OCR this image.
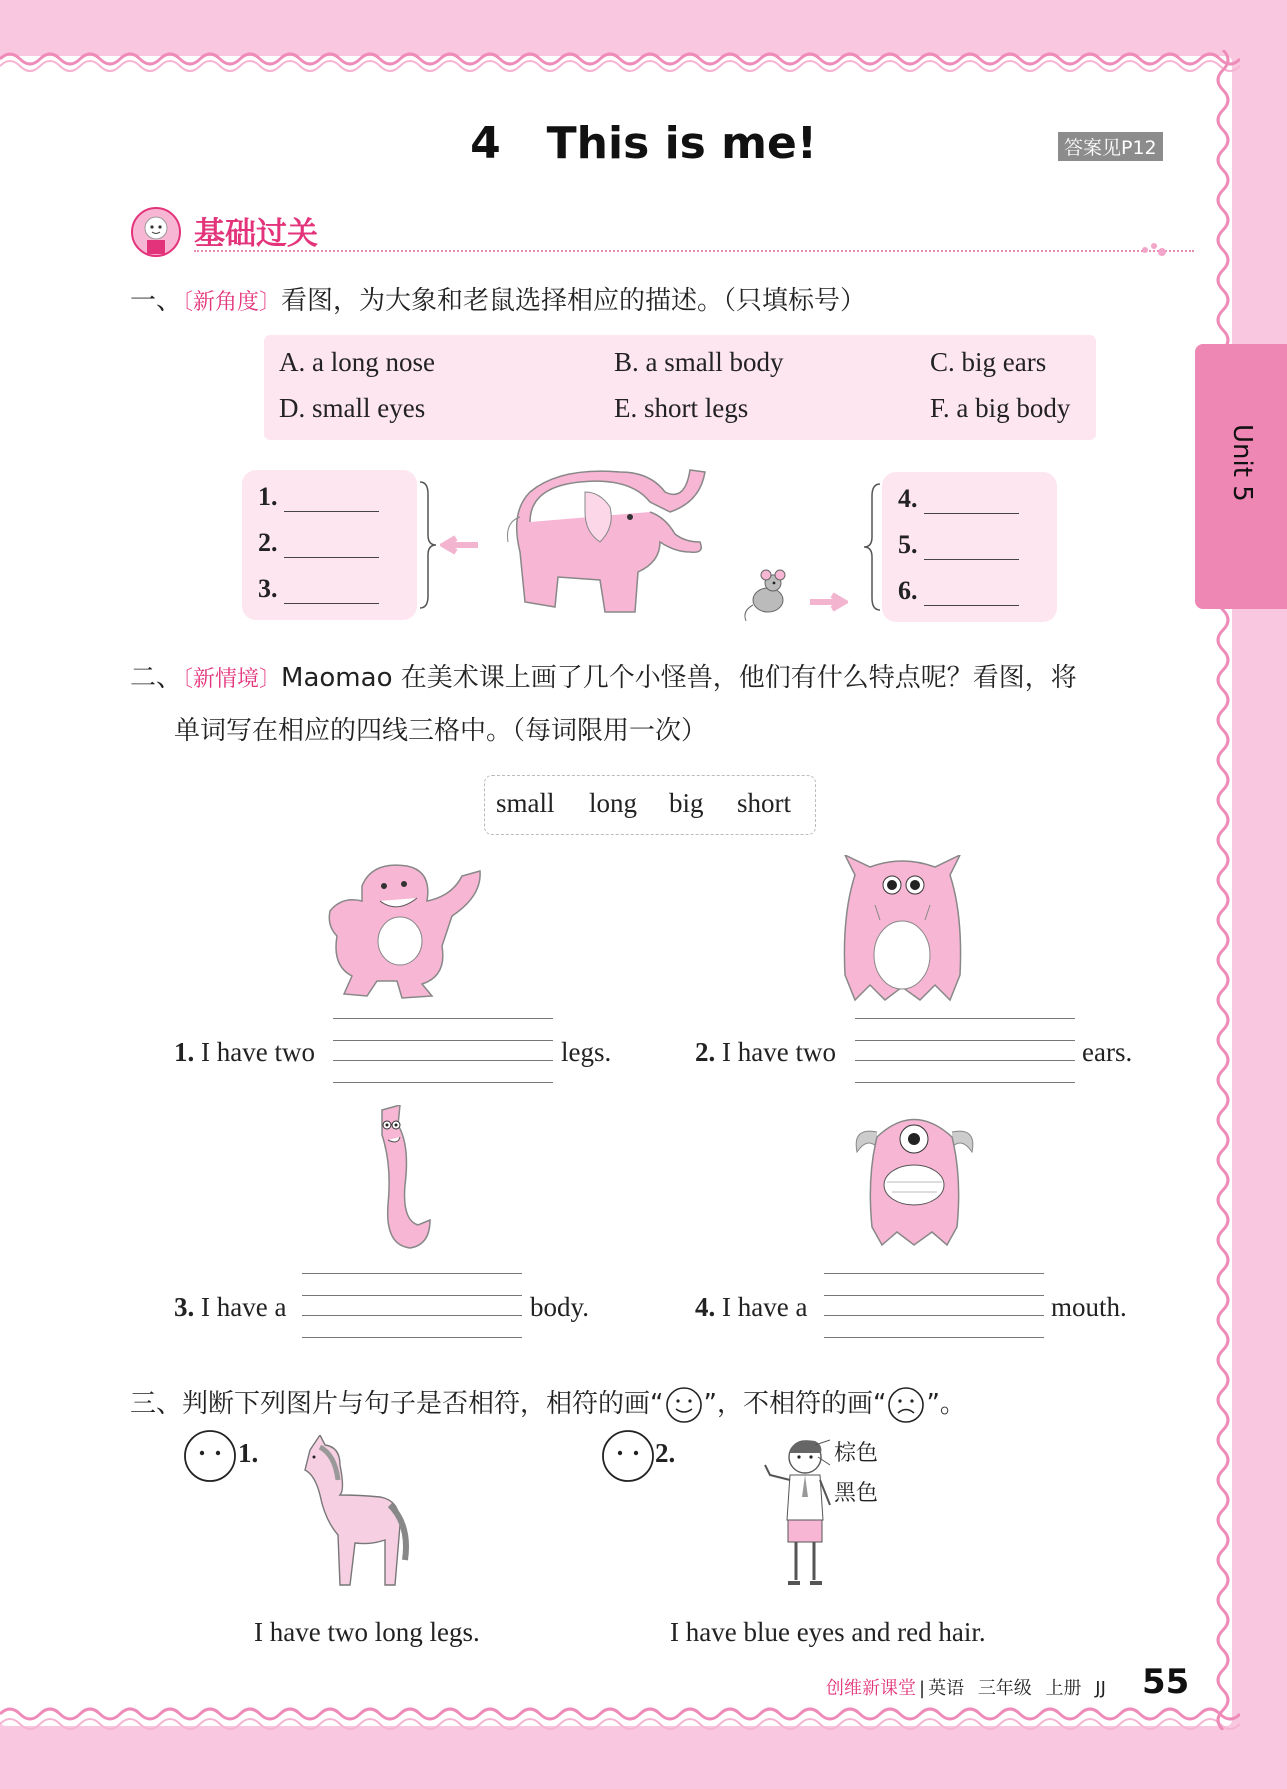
Unit 5
4   This is me!	答案见P12
基础过关
一、〔新角度〕看图，为大象和老鼠选择相应的描述。（只填标号）
A. a long nose	B. a small body	C. big ears
D. small eyes	E. short legs	F. a big body
1.
2.
3.
4.
5.
6.
二、〔新情境〕Maomao 在美术课上画了几个小怪兽，他们有什么特点呢？看图，将
单词写在相应的四线三格中。（每词限用一次）
small long big short
1. I have two	legs.	2. I have two	ears.
3. I have a	body.	4. I have a	mouth.
三、判断下列图片与句子是否相符，相符的画“ ”，不相符的画“ ”。
1.
I have two long legs.
2.	棕色
黑色
I have blue eyes and red hair.
创维新课堂 | 英语 三年级 上册 JJ 55
